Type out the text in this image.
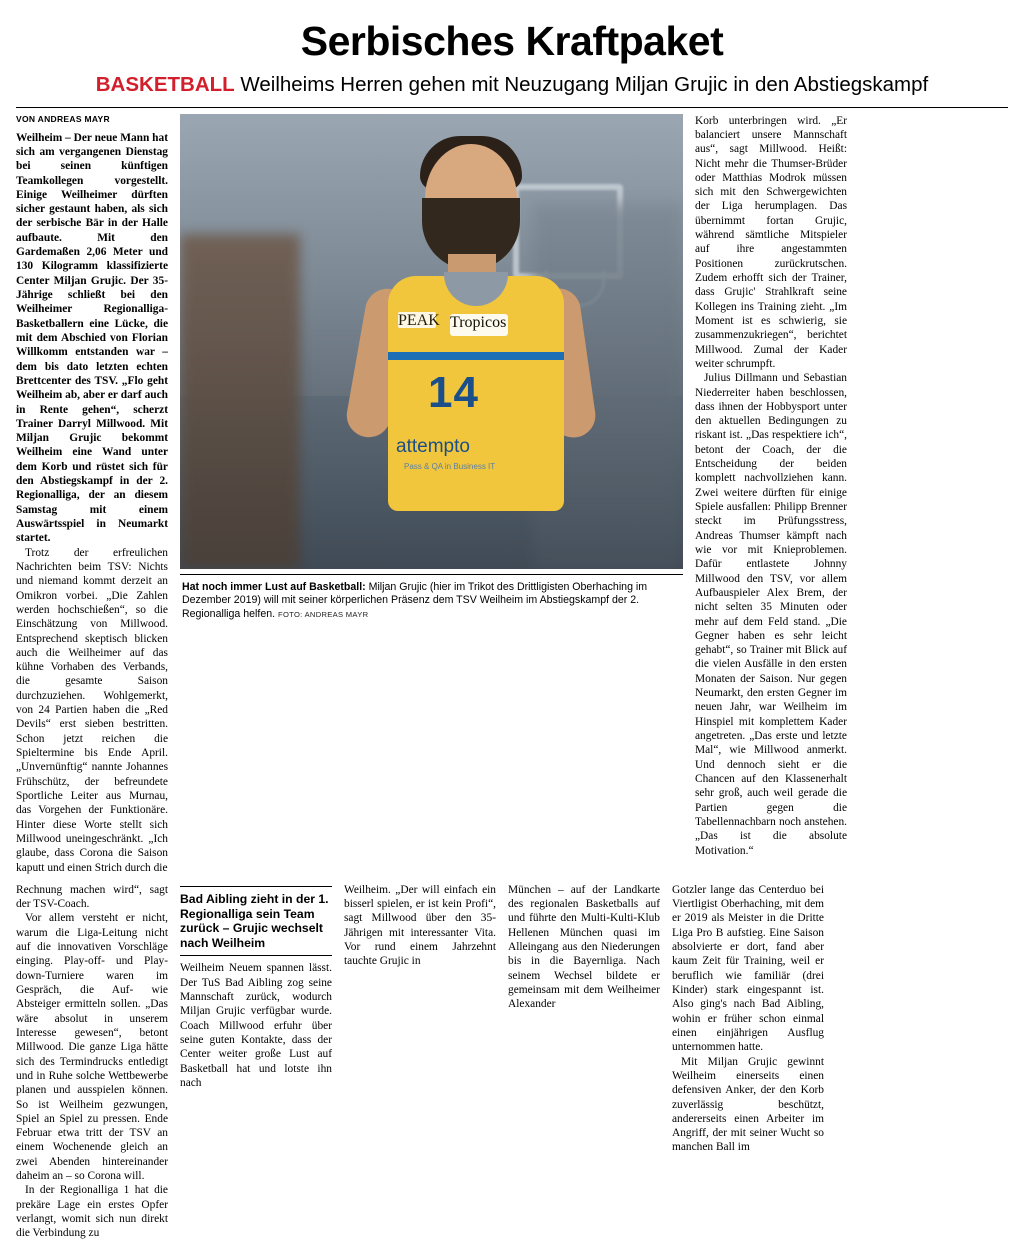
Serbisches Kraftpaket
BASKETBALL Weilheims Herren gehen mit Neuzugang Miljan Grujic in den Abstiegskampf
VON ANDREAS MAYR

Weilheim – Der neue Mann hat sich am vergangenen Dienstag bei seinen künftigen Teamkollegen vorgestellt. Einige Weilheimer dürften sicher gestaunt haben, als sich der serbische Bär in der Halle aufbaute. Mit den Gardemaßen 2,06 Meter und 130 Kilogramm klassifizierte Center Miljan Grujic. Der 35-Jährige schließt bei den Weilheimer Regionalliga-Basketballern eine Lücke, die mit dem Abschied von Florian Willkomm entstanden war – dem bis dato letzten echten Brettcenter des TSV. „Flo geht Weilheim ab, aber er darf auch in Rente gehen“, scherzt Trainer Darryl Millwood. Mit Miljan Grujic bekommt Weilheim eine Wand unter dem Korb und rüstet sich für den Abstiegskampf in der 2. Regionalliga, der an diesem Samstag mit einem Auswärtsspiel in Neumarkt startet.

Trotz der erfreulichen Nachrichten beim TSV: Nichts und niemand kommt derzeit an Omikron vorbei. „Die Zahlen werden hochschießen“, so die Einschätzung von Millwood. Entsprechend skeptisch blicken auch die Weilheimer auf das kühne Vorhaben des Verbands, die gesamte Saison durchzuziehen. Wohlgemerkt, von 24 Partien haben die „Red Devils“ erst sieben bestritten. Schon jetzt reichen die Spieltermine bis Ende April. „Unvernünftig“ nannte Johannes Frühschütz, der befreundete Sportliche Leiter aus Murnau, das Vorgehen der Funktionäre. Hinter diese Worte stellt sich Millwood uneingeschränkt. „Ich glaube, dass Corona die Saison kaputt und einen Strich durch die

PEAK Tropicos
14
attempto
Pass & QA in Business IT
Hat noch immer Lust auf Basketball: Miljan Grujic (hier im Trikot des Drittligisten Oberhaching im Dezember 2019) will mit seiner körperlichen Präsenz dem TSV Weilheim im Abstiegskampf der 2. Regionalliga helfen. FOTO: ANDREAS MAYR

Korb unterbringen wird. „Er balanciert unsere Mannschaft aus“, sagt Millwood. Heißt: Nicht mehr die Thumser-Brüder oder Matthias Modrok müssen sich mit den Schwergewichten der Liga herumplagen. Das übernimmt fortan Grujic, während sämtliche Mitspieler auf ihre angestammten Positionen zurückrutschen. Zudem erhofft sich der Trainer, dass Grujic' Strahlkraft seine Kollegen ins Training zieht. „Im Moment ist es schwierig, sie zusammenzukriegen“, berichtet Millwood. Zumal der Kader weiter schrumpft.

Julius Dillmann und Sebastian Niederreiter haben beschlossen, dass ihnen der Hobbysport unter den aktuellen Bedingungen zu riskant ist. „Das respektiere ich“, betont der Coach, der die Entscheidung der beiden komplett nachvollziehen kann. Zwei weitere dürften für einige Spiele ausfallen: Philipp Brenner steckt im Prüfungsstress, Andreas Thumser kämpft nach wie vor mit Knieproblemen. Dafür entlastete Johnny Millwood den TSV, vor allem Aufbauspieler Alex Brem, der nicht selten 35 Minuten oder mehr auf dem Feld stand. „Die Gegner haben es sehr leicht gehabt“, so Trainer mit Blick auf die vielen Ausfälle in den ersten Monaten der Saison. Nur gegen Neumarkt, den ersten Gegner im neuen Jahr, war Weilheim im Hinspiel mit komplettem Kader angetreten. „Das erste und letzte Mal“, wie Millwood anmerkt. Und dennoch sieht er die Chancen auf den Klassenerhalt sehr groß, auch weil gerade die Partien gegen die Tabellennachbarn noch anstehen. „Das ist die absolute Motivation.“

Rechnung machen wird“, sagt der TSV-Coach.

Vor allem versteht er nicht, warum die Liga-Leitung nicht auf die innovativen Vorschläge einging. Play-off- und Play-down-Turniere waren im Gespräch, die Auf- wie Absteiger ermitteln sollen. „Das wäre absolut in unserem Interesse gewesen“, betont Millwood. Die ganze Liga hätte sich des Termindrucks entledigt und in Ruhe solche Wettbewerbe planen und ausspielen können. So ist Weilheim gezwungen, Spiel an Spiel zu pressen. Ende Februar etwa tritt der TSV an einem Wochenende gleich an zwei Abenden hintereinander daheim an – so Corona will.

In der Regionalliga 1 hat die prekäre Lage ein erstes Opfer verlangt, womit sich nun direkt die Verbindung zu

Bad Aibling zieht in der 1. Regionalliga sein Team zurück – Grujic wechselt nach Weilheim

Weilheim Neuem spannen lässt. Der TuS Bad Aibling zog seine Mannschaft zurück, wodurch Miljan Grujic verfügbar wurde. Coach Millwood erfuhr über seine guten Kontakte, dass der Center weiter große Lust auf Basketball hat und lotste ihn nach

Weilheim. „Der will einfach ein bisserl spielen, er ist kein Profi“, sagt Millwood über den 35-Jährigen mit interessanter Vita. Vor rund einem Jahrzehnt tauchte Grujic in

München – auf der Landkarte des regionalen Basketballs auf und führte den Multi-Kulti-Klub Hellenen München quasi im Alleingang aus den Niederungen bis in die Bayernliga. Nach seinem Wechsel bildete er gemeinsam mit dem Weilheimer Alexander

Gotzler lange das Centerduo bei Viertligist Oberhaching, mit dem er 2019 als Meister in die Dritte Liga Pro B aufstieg. Eine Saison absolvierte er dort, fand aber kaum Zeit für Training, weil er beruflich wie familiär (drei Kinder) stark eingespannt ist. Also ging's nach Bad Aibling, wohin er früher schon einmal einen einjährigen Ausflug unternommen hatte.

Mit Miljan Grujic gewinnt Weilheim einerseits einen defensiven Anker, der den Korb zuverlässig beschützt, andererseits einen Arbeiter im Angriff, der mit seiner Wucht so manchen Ball im
